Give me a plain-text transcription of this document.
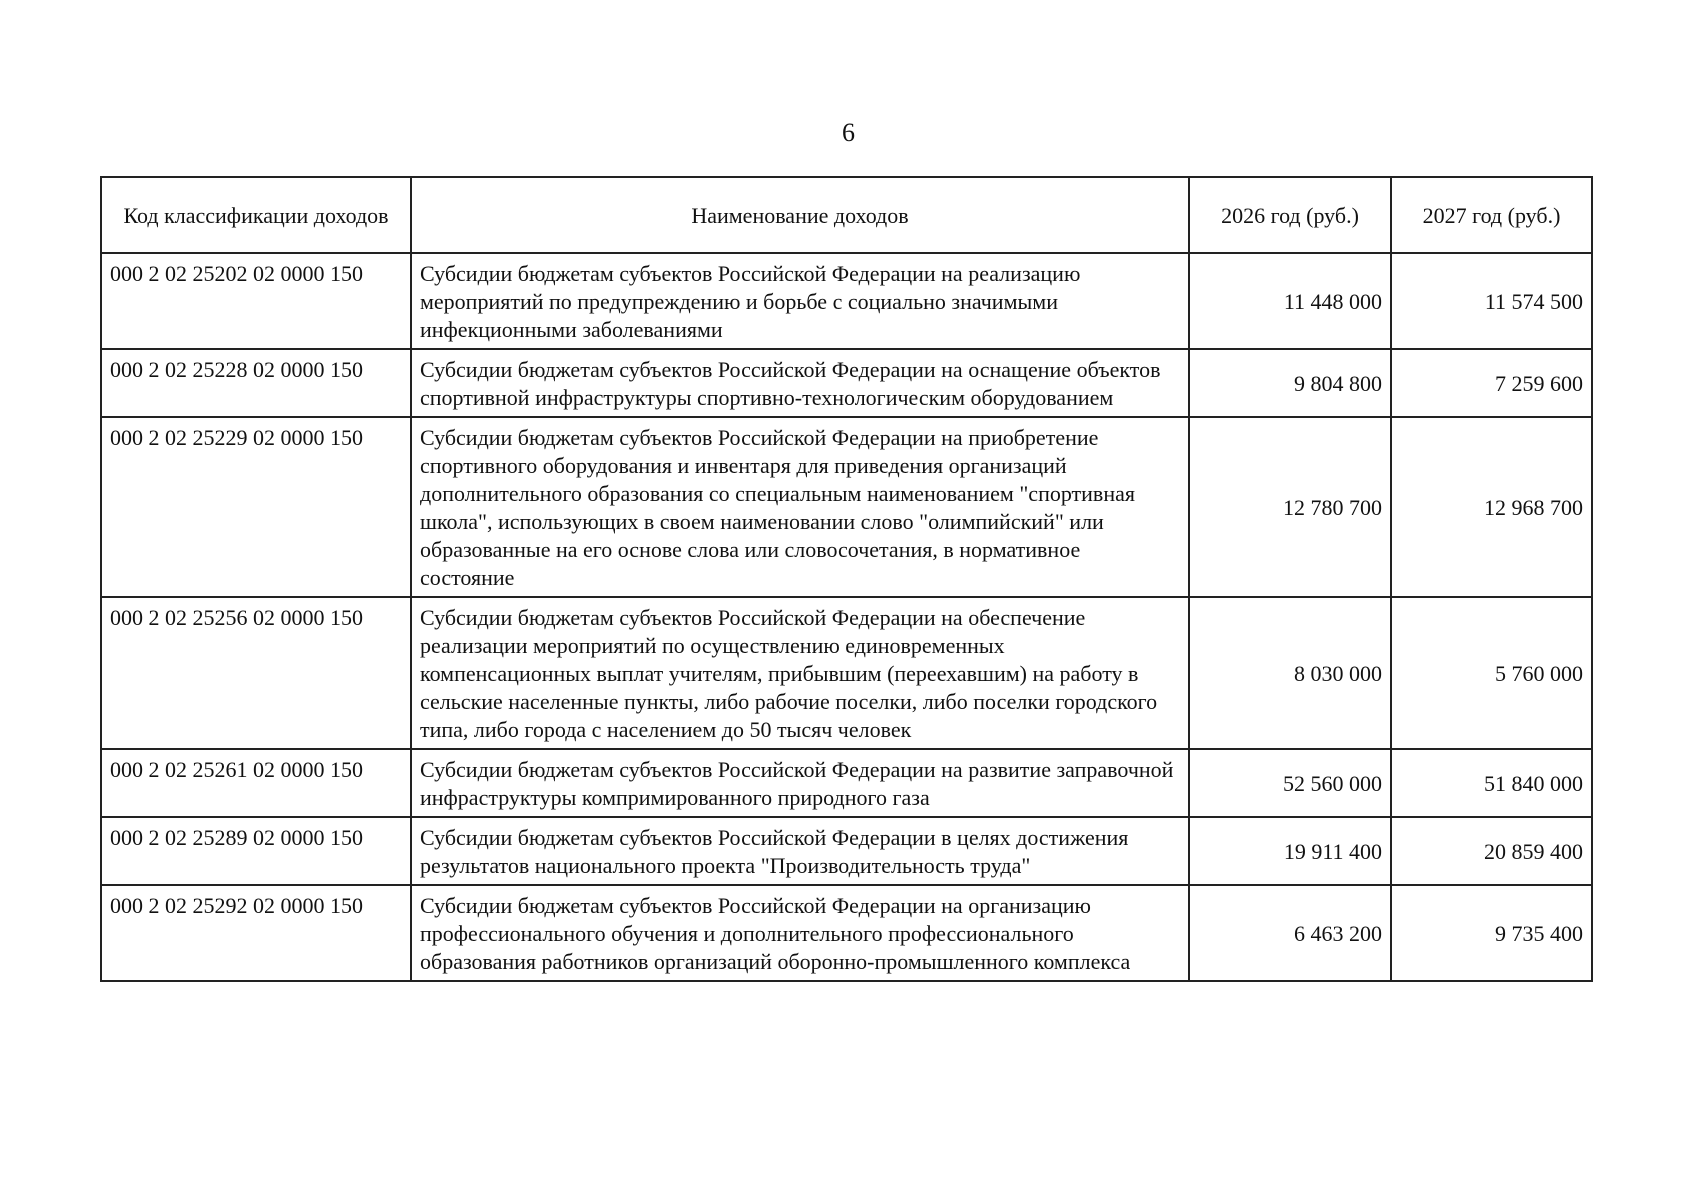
6
Код классификации доходов	Наименование доходов	2026 год (руб.)	2027 год (руб.)
000 2 02 25202 02 0000 150	Субсидии бюджетам субъектов Российской Федерации на реализацию мероприятий по предупреждению и борьбе с социально значимыми инфекционными заболеваниями	11 448 000	11 574 500
000 2 02 25228 02 0000 150	Субсидии бюджетам субъектов Российской Федерации на оснащение объектов спортивной инфраструктуры спортивно-технологическим оборудованием	9 804 800	7 259 600
000 2 02 25229 02 0000 150	Субсидии бюджетам субъектов Российской Федерации на приобретение спортивного оборудования и инвентаря для приведения организаций дополнительного образования со специальным наименованием "спортивная школа", использующих в своем наименовании слово "олимпийский" или образованные на его основе слова или словосочетания, в нормативное состояние	12 780 700	12 968 700
000 2 02 25256 02 0000 150	Субсидии бюджетам субъектов Российской Федерации на обеспечение реализации мероприятий по осуществлению единовременных компенсационных выплат учителям, прибывшим (переехавшим) на работу в сельские населенные пункты, либо рабочие поселки, либо поселки городского типа, либо города с населением до 50 тысяч человек	8 030 000	5 760 000
000 2 02 25261 02 0000 150	Субсидии бюджетам субъектов Российской Федерации на развитие заправочной инфраструктуры компримированного природного газа	52 560 000	51 840 000
000 2 02 25289 02 0000 150	Субсидии бюджетам субъектов Российской Федерации в целях достижения результатов национального проекта "Производительность труда"	19 911 400	20 859 400
000 2 02 25292 02 0000 150	Субсидии бюджетам субъектов Российской Федерации на организацию профессионального обучения и дополнительного профессионального образования работников организаций оборонно-промышленного комплекса	6 463 200	9 735 400
